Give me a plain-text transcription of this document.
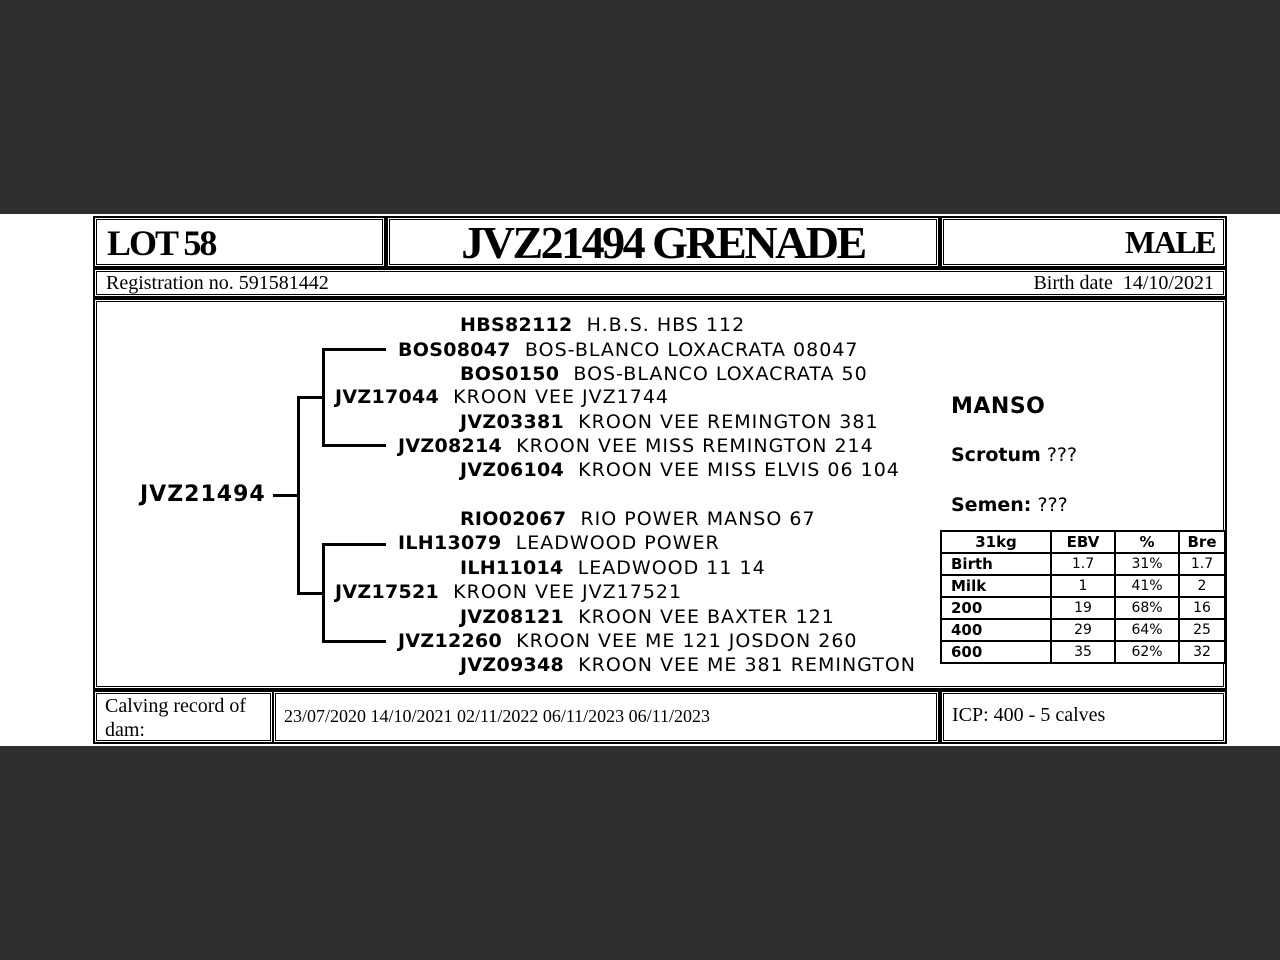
LOT 58	JVZ21494 GRENADE	MALE
Registration no. 591581442	Birth date 14/10/2021
JVZ21494
HBS82112 H.B.S. HBS 112
BOS08047 BOS-BLANCO LOXACRATA 08047
BOS0150 BOS-BLANCO LOXACRATA 50
JVZ17044 KROON VEE JVZ1744
JVZ03381 KROON VEE REMINGTON 381
JVZ08214 KROON VEE MISS REMINGTON 214
JVZ06104 KROON VEE MISS ELVIS 06 104
RIO02067 RIO POWER MANSO 67
ILH13079 LEADWOOD POWER
ILH11014 LEADWOOD 11 14
JVZ17521 KROON VEE JVZ17521
JVZ08121 KROON VEE BAXTER 121
JVZ12260 KROON VEE ME 121 JOSDON 260
JVZ09348 KROON VEE ME 381 REMINGTON
MANSO
Scrotum ???
Semen: ???
31kg	EBV	%	Bre
Birth	1.7	31%	1.7
Milk	1	41%	2
200	19	68%	16
400	29	64%	25
600	35	62%	32
Calving record of dam:
23/07/2020 14/10/2021 02/11/2022 06/11/2023 06/11/2023	ICP: 400 - 5 calves
